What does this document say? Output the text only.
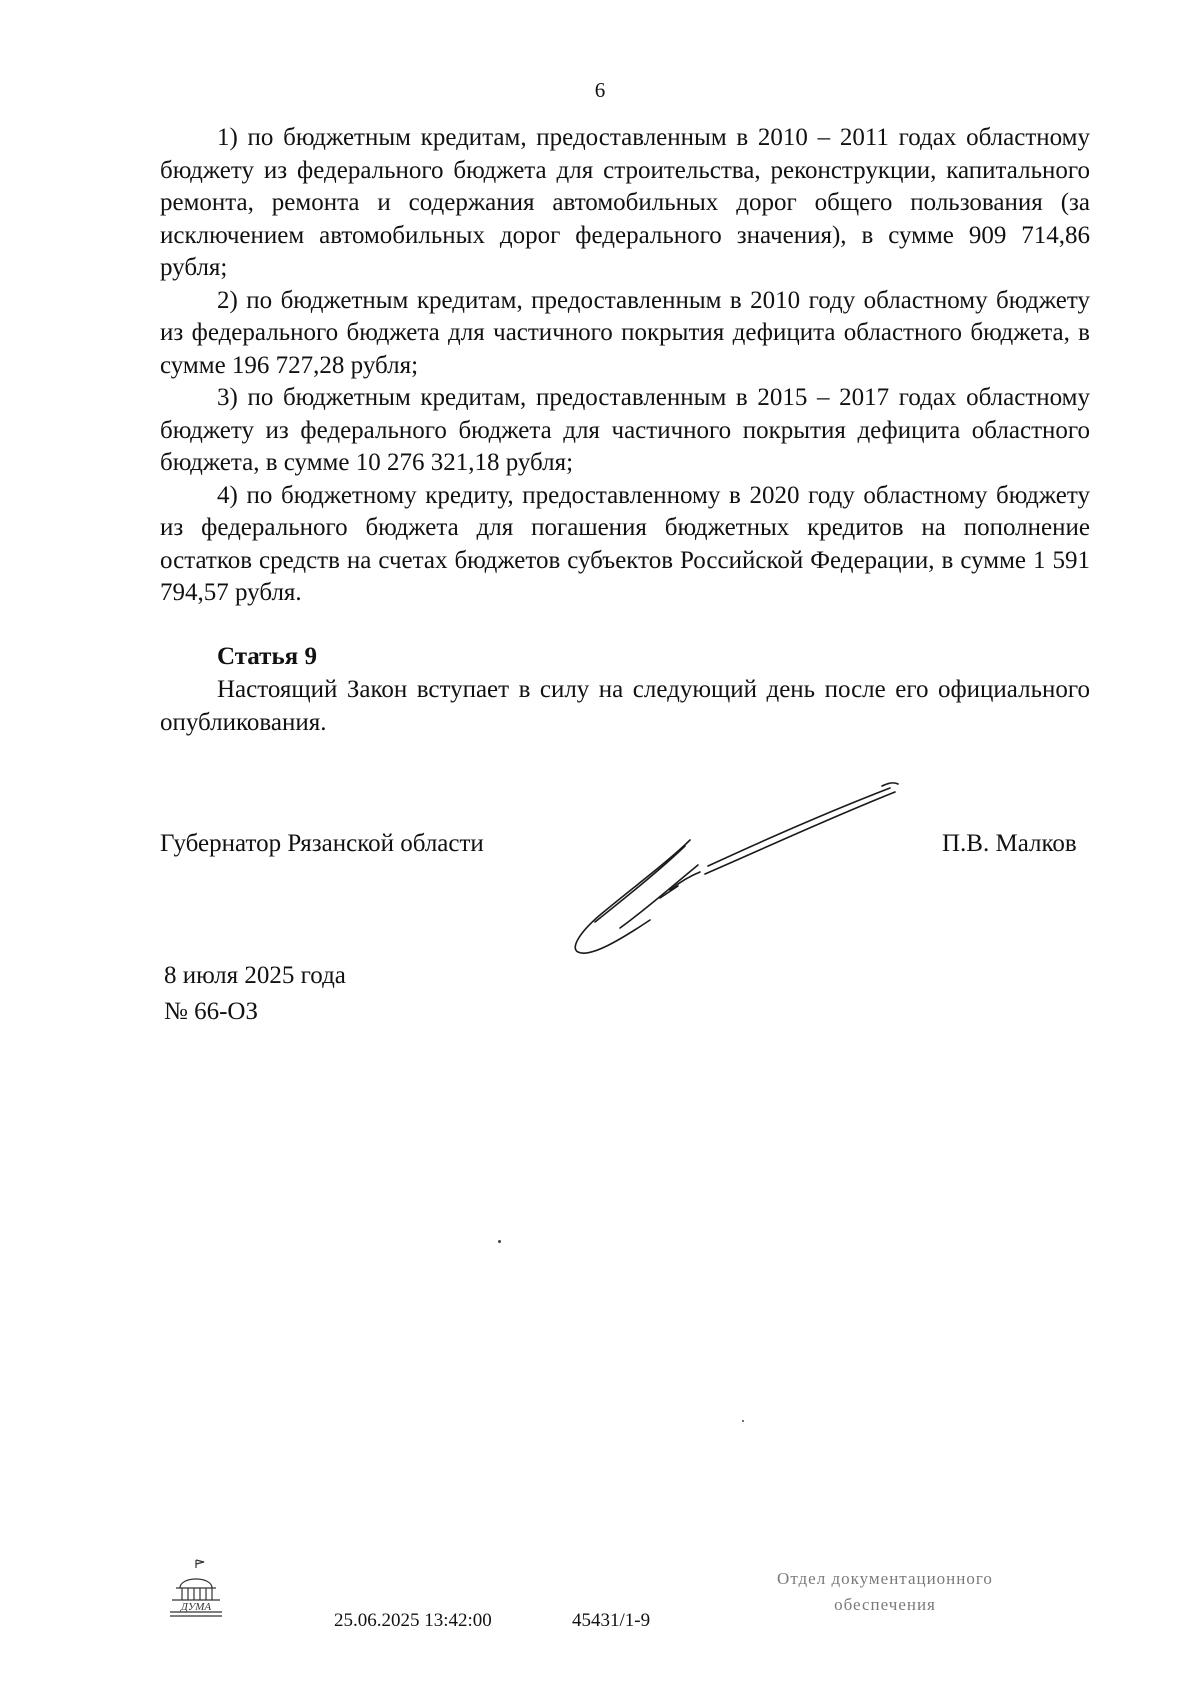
6

1) по бюджетным кредитам, предоставленным в 2010 – 2011 годах областному бюджету из федерального бюджета для строительства, реконструкции, капитального ремонта, ремонта и содержания автомобильных дорог общего пользования (за исключением автомобильных дорог федерального значения), в сумме 909 714,86 рубля;

2) по бюджетным кредитам, предоставленным в 2010 году областному бюджету из федерального бюджета для частичного покрытия дефицита областного бюджета, в сумме 196 727,28 рубля;

3) по бюджетным кредитам, предоставленным в 2015 – 2017 годах областному бюджету из федерального бюджета для частичного покрытия дефицита областного бюджета, в сумме 10 276 321,18 рубля;

4) по бюджетному кредиту, предоставленному в 2020 году областному бюджету из федерального бюджета для погашения бюджетных кредитов на пополнение остатков средств на счетах бюджетов субъектов Российской Федерации, в сумме 1 591 794,57 рубля.

Статья 9

Настоящий Закон вступает в силу на следующий день после его официального опубликования.

Губернатор Рязанской области	П.В. Малков
8 июля 2025 года
№ 66-ОЗ
ДУМА
25.06.2025 13:42:00	45431/1-9
Отдел документационного
обеспечения
